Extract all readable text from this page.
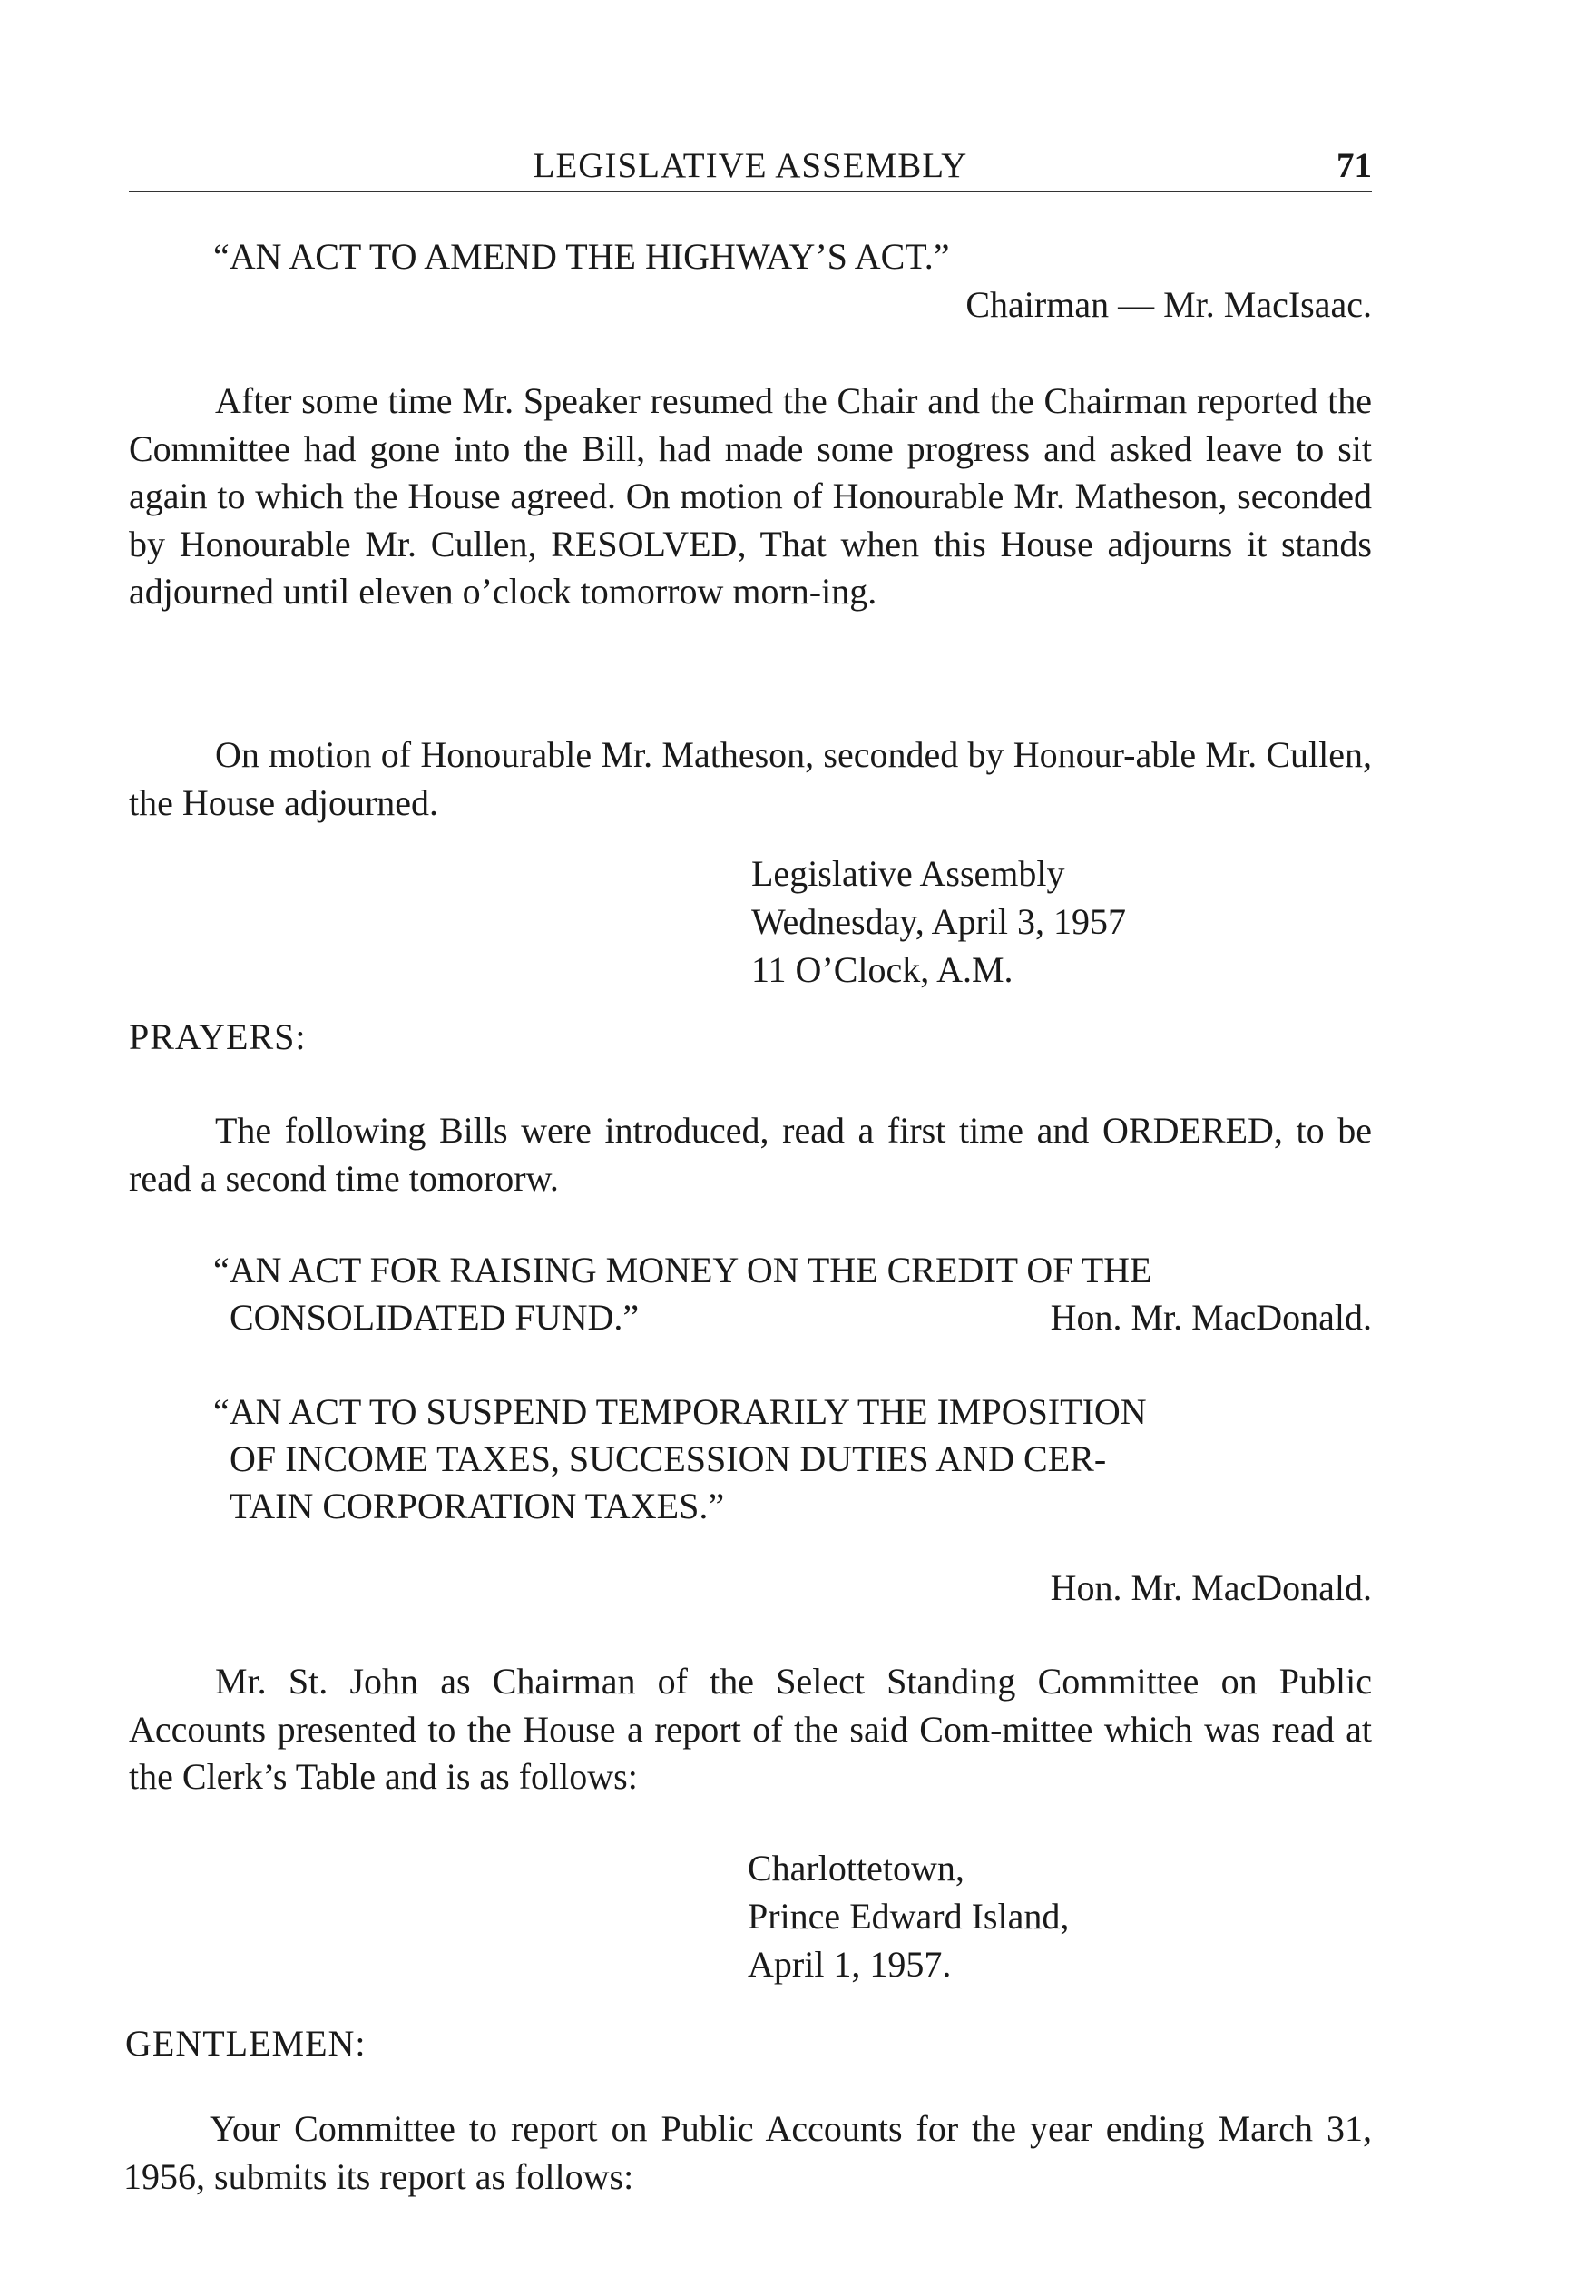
LEGISLATIVE ASSEMBLY	71
“AN ACT TO AMEND THE HIGHWAY’S ACT.”
Chairman — Mr. MacIsaac.

After some time Mr. Speaker resumed the Chair and the Chairman reported the Committee had gone into the Bill, had made some progress and asked leave to sit again to which the House agreed. On motion of Honourable Mr. Matheson, seconded by Honourable Mr. Cullen, RESOLVED, That when this House adjourns it stands adjourned until eleven o’clock tomorrow morn-ing.

On motion of Honourable Mr. Matheson, seconded by Honour-able Mr. Cullen, the House adjourned.

Legislative Assembly
Wednesday, April 3, 1957
11 O’Clock, A.M.
PRAYERS:

The following Bills were introduced, read a first time and ORDERED, to be read a second time tomororw.

“AN ACT FOR RAISING MONEY ON THE CREDIT OF THE
CONSOLIDATED FUND.”	Hon. Mr. MacDonald.
“AN ACT TO SUSPEND TEMPORARILY THE IMPOSITION
OF INCOME TAXES, SUCCESSION DUTIES AND CER-
TAIN CORPORATION TAXES.”
Hon. Mr. MacDonald.

Mr. St. John as Chairman of the Select Standing Committee on Public Accounts presented to the House a report of the said Com-mittee which was read at the Clerk’s Table and is as follows:

Charlottetown,
Prince Edward Island,
April 1, 1957.
GENTLEMEN:

Your Committee to report on Public Accounts for the year ending March 31, 1956, submits its report as follows:
